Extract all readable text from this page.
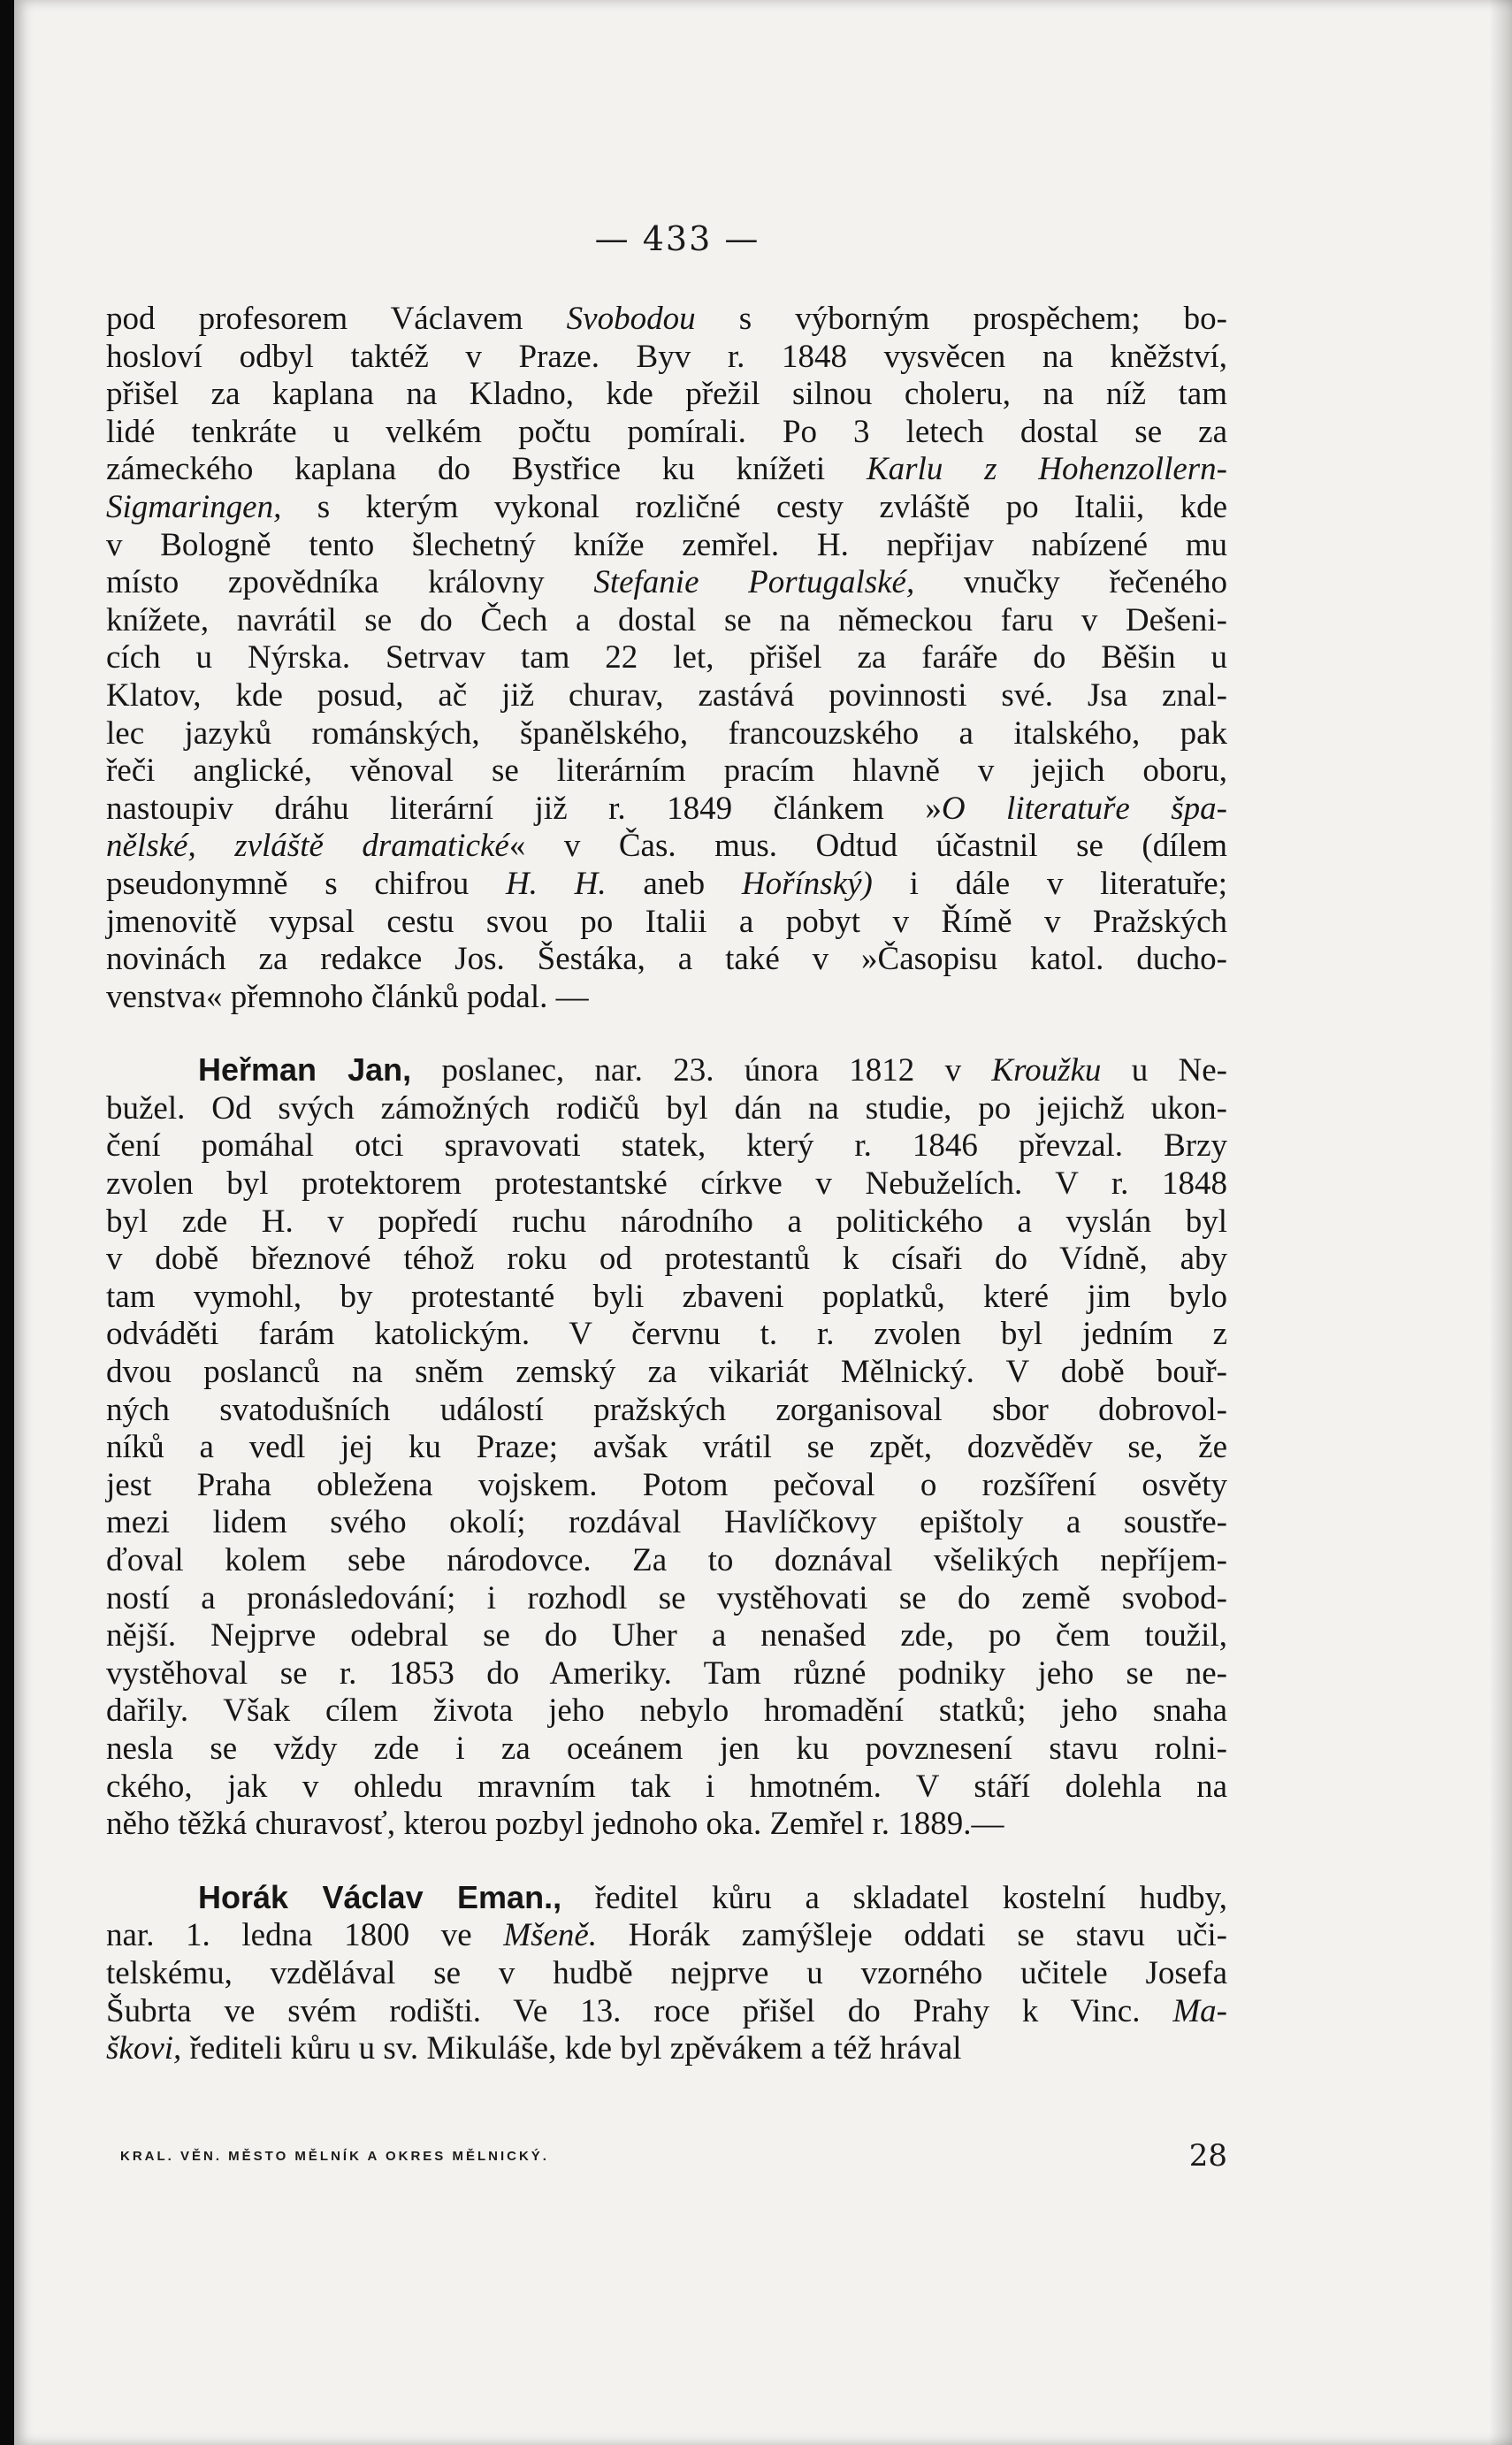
— 433 —
pod profesorem Václavem Svobodou s výborným prospěchem; bo-
hosloví odbyl taktéž v Praze. Byv r. 1848 vysvěcen na kněžství,
přišel za kaplana na Kladno, kde přežil silnou choleru, na níž tam
lidé tenkráte u velkém počtu pomírali. Po 3 letech dostal se za
zámeckého kaplana do Bystřice ku knížeti Karlu z Hohenzollern-
Sigmaringen, s kterým vykonal rozličné cesty zvláště po Italii, kde
v Bologně tento šlechetný kníže zemřel. H. nepřijav nabízené mu
místo zpovědníka královny Stefanie Portugalské, vnučky řečeného
knížete, navrátil se do Čech a dostal se na německou faru v Dešeni-
cích u Nýrska. Setrvav tam 22 let, přišel za faráře do Běšin u
Klatov, kde posud, ač již churav, zastává povinnosti své. Jsa znal-
lec jazyků románských, španělského, francouzského a italského, pak
řeči anglické, věnoval se literárním pracím hlavně v jejich oboru,
nastoupiv dráhu literární již r. 1849 článkem »O literatuře špa-
nělské, zvláště dramatické« v Čas. mus. Odtud účastnil se (dílem
pseudonymně s chifrou H. H. aneb Hořínský) i dále v literatuře;
jmenovitě vypsal cestu svou po Italii a pobyt v Římě v Pražských
novinách za redakce Jos. Šestáka, a také v »Časopisu katol. ducho-
venstva« přemnoho článků podal. —
Heřman Jan, poslanec, nar. 23. února 1812 v Kroužku u Ne-
bužel. Od svých zámožných rodičů byl dán na studie, po jejichž ukon-
čení pomáhal otci spravovati statek, který r. 1846 převzal. Brzy
zvolen byl protektorem protestantské církve v Nebuželích. V r. 1848
byl zde H. v popředí ruchu národního a politického a vyslán byl
v době březnové téhož roku od protestantů k císaři do Vídně, aby
tam vymohl, by protestanté byli zbaveni poplatků, které jim bylo
odváděti farám katolickým. V červnu t. r. zvolen byl jedním z
dvou poslanců na sněm zemský za vikariát Mělnický. V době bouř-
ných svatodušních událostí pražských zorganisoval sbor dobrovol-
níků a vedl jej ku Praze; avšak vrátil se zpět, dozvěděv se, že
jest Praha obležena vojskem. Potom pečoval o rozšíření osvěty
mezi lidem svého okolí; rozdával Havlíčkovy epištoly a soustře-
ďoval kolem sebe národovce. Za to doznával všelikých nepříjem-
ností a pronásledování; i rozhodl se vystěhovati se do země svobod-
nější. Nejprve odebral se do Uher a nenašed zde, po čem toužil,
vystěhoval se r. 1853 do Ameriky. Tam různé podniky jeho se ne-
dařily. Však cílem života jeho nebylo hromadění statků; jeho snaha
nesla se vždy zde i za oceánem jen ku povznesení stavu rolni-
ckého, jak v ohledu mravním tak i hmotném. V stáří dolehla na
něho těžká churavosť, kterou pozbyl jednoho oka. Zemřel r. 1889.—
Horák Václav Eman., ředitel kůru a skladatel kostelní hudby,
nar. 1. ledna 1800 ve Mšeně. Horák zamýšleje oddati se stavu uči-
telskému, vzdělával se v hudbě nejprve u vzorného učitele Josefa
Šubrta ve svém rodišti. Ve 13. roce přišel do Prahy k Vinc. Ma-
škovi, řediteli kůru u sv. Mikuláše, kde byl zpěvákem a též hrával
KRAL. VĚN. MĚSTO MĚLNÍK A OKRES MĚLNICKÝ.	28
